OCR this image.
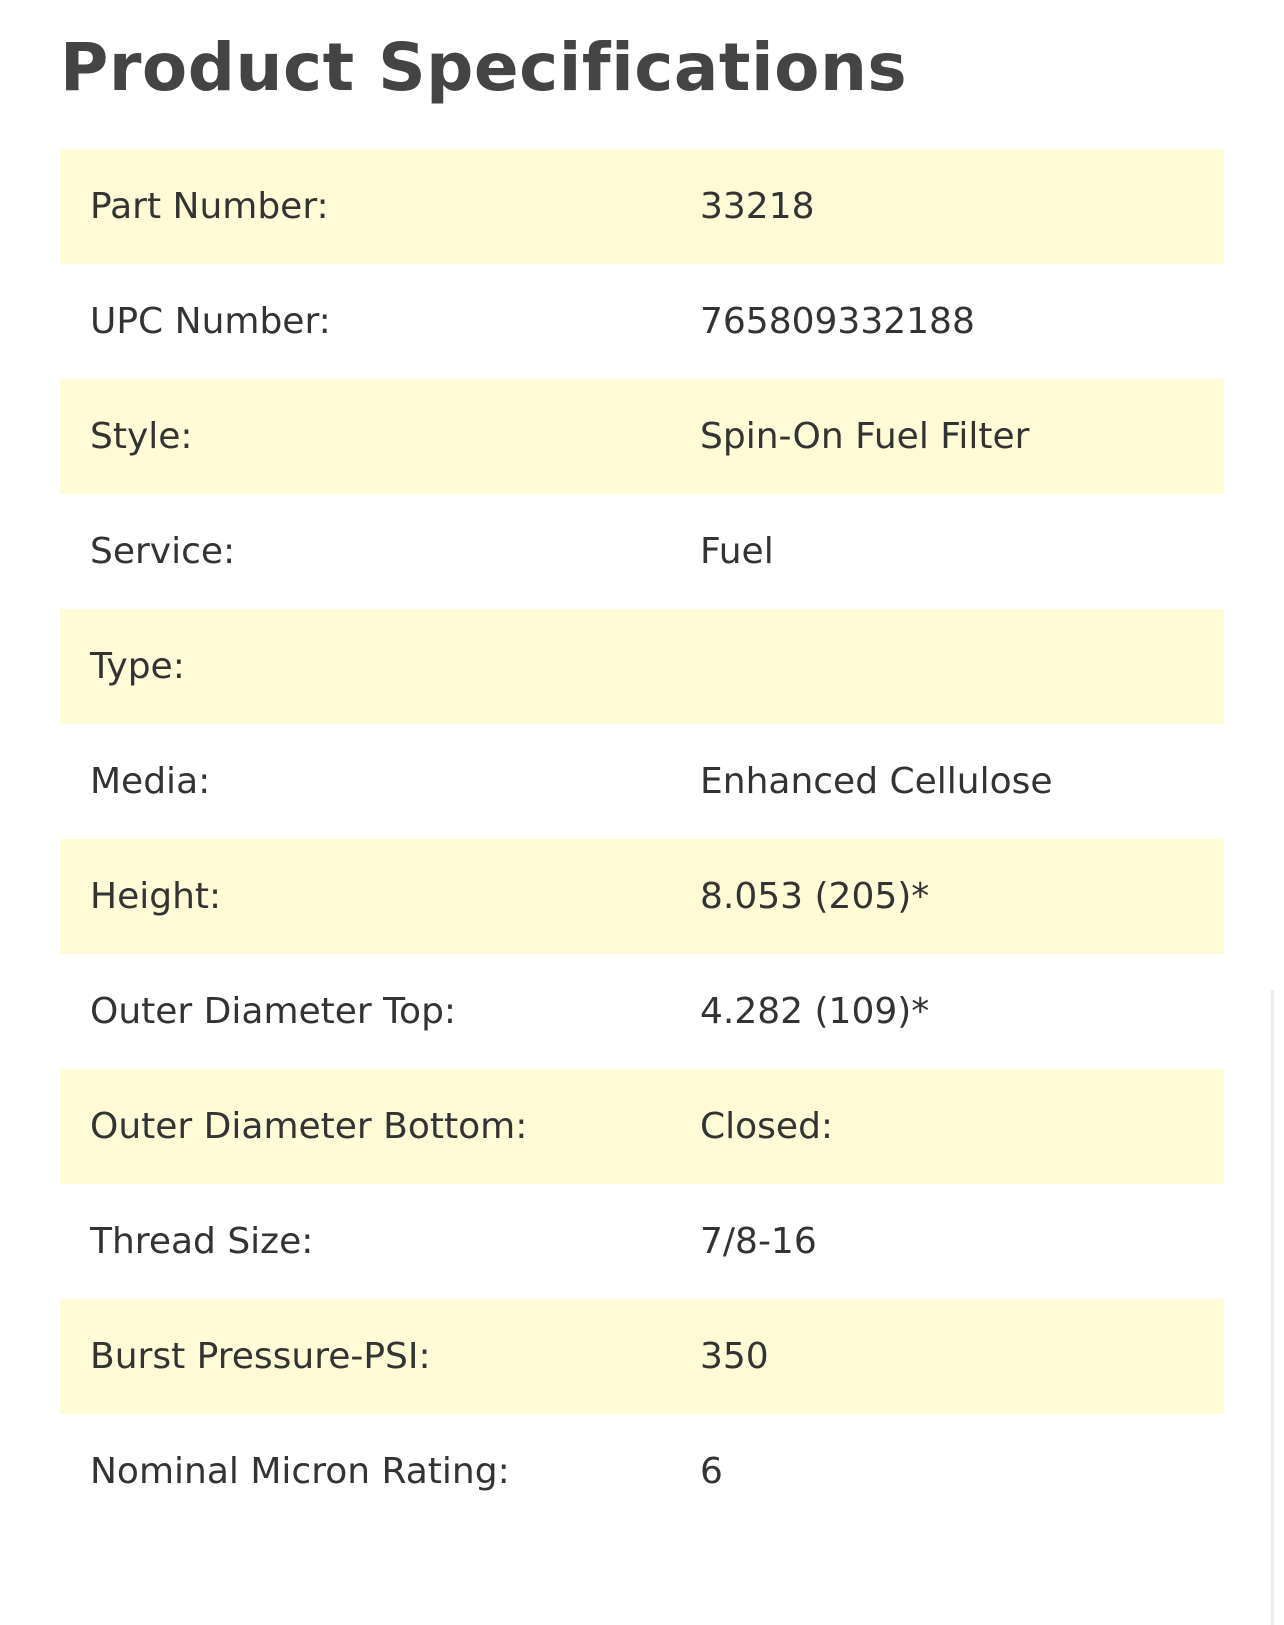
Product Specifications
Part Number:	33218
UPC Number:	765809332188
Style:	Spin-On Fuel Filter
Service:	Fuel
Type:	
Media:	Enhanced Cellulose
Height:	8.053 (205)*
Outer Diameter Top:	4.282 (109)*
Outer Diameter Bottom:	Closed:
Thread Size:	7/8-16
Burst Pressure-PSI:	350
Nominal Micron Rating:	6
